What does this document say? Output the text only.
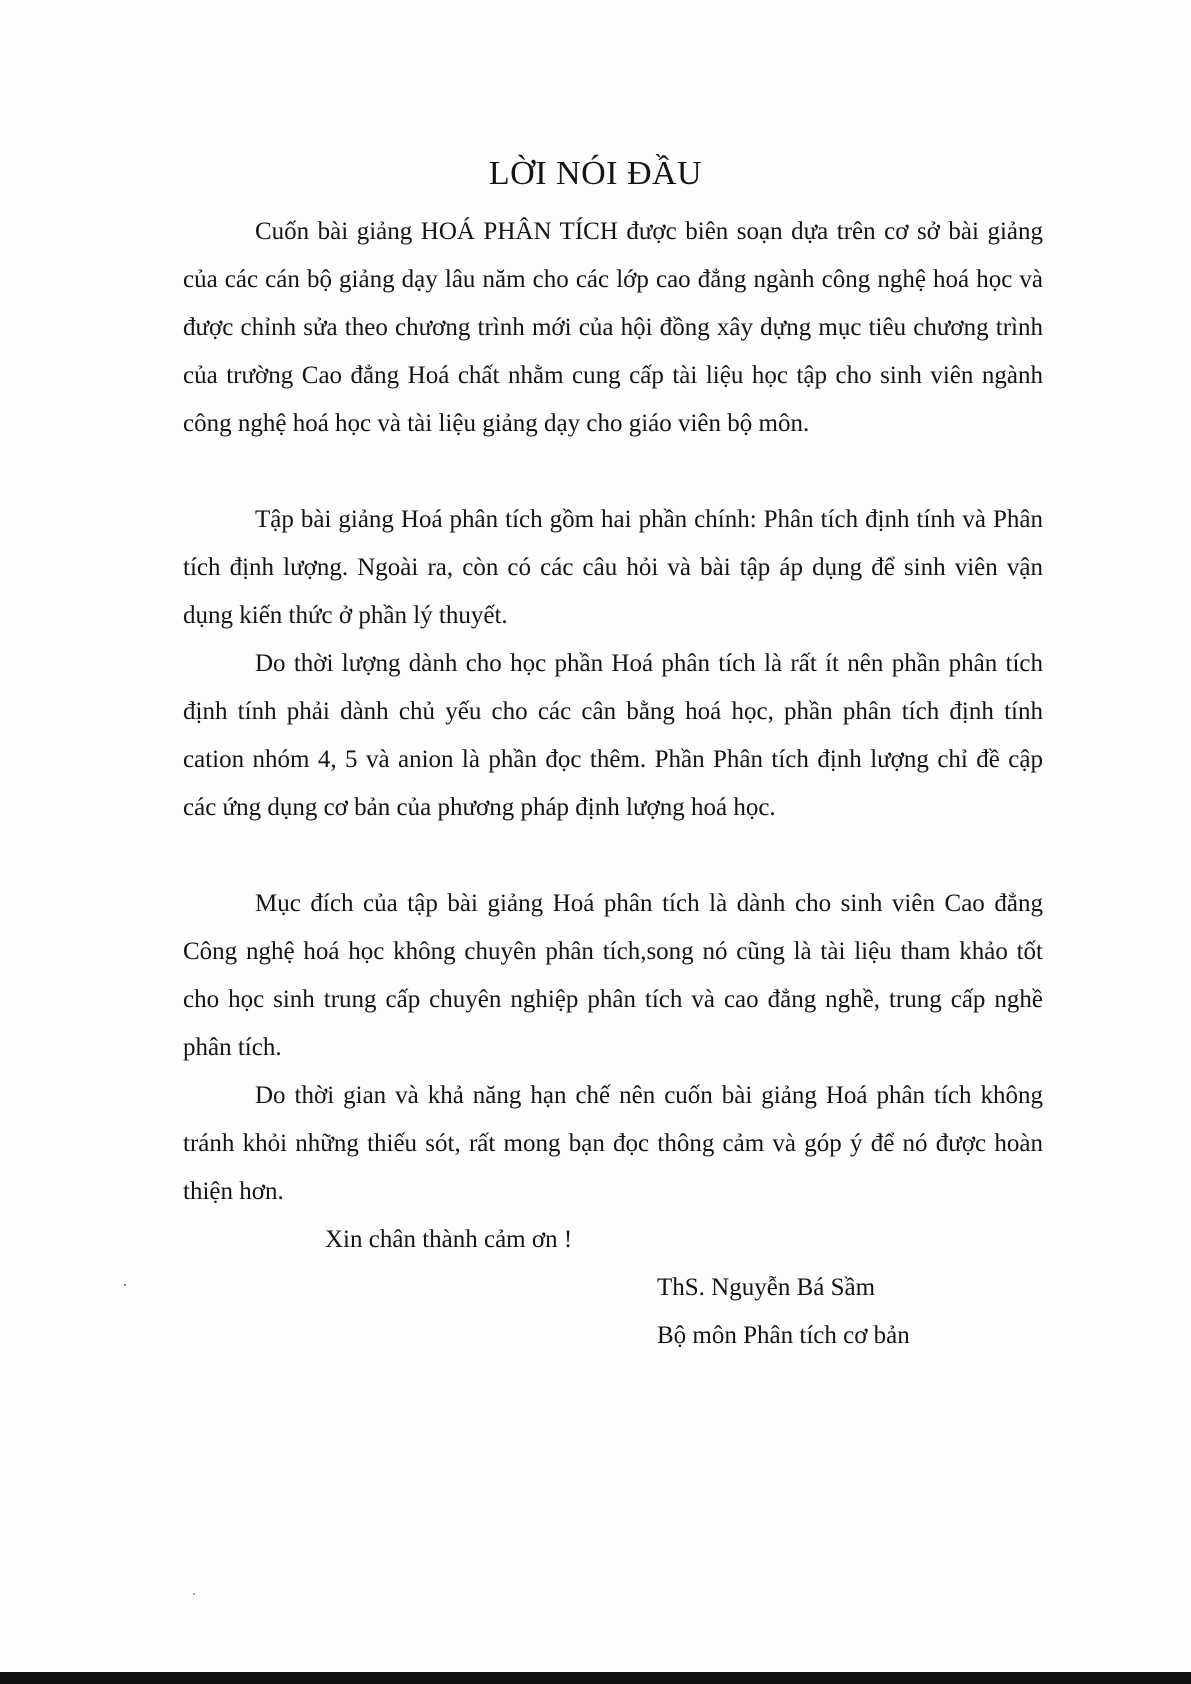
LỜI NÓI ĐẦU

Cuốn bài giảng HOÁ PHÂN TÍCH được biên soạn dựa trên cơ sở bài giảng của các cán bộ giảng dạy lâu năm cho các lớp cao đẳng ngành công nghệ hoá học và được chỉnh sửa theo chương trình mới của hội đồng xây dựng mục tiêu chương trình của trường Cao đẳng Hoá chất nhằm cung cấp tài liệu học tập cho sinh viên ngành công nghệ hoá học và tài liệu giảng dạy cho giáo viên bộ môn.

Tập bài giảng Hoá phân tích gồm hai phần chính: Phân tích định tính và Phân tích định lượng. Ngoài ra, còn có các câu hỏi và bài tập áp dụng để sinh viên vận dụng kiến thức ở phần lý thuyết.

Do thời lượng dành cho học phần Hoá phân tích là rất ít nên phần phân tích định tính phải dành chủ yếu cho các cân bằng hoá học, phần phân tích định tính cation nhóm 4, 5 và anion là phần đọc thêm. Phần Phân tích định lượng chỉ đề cập các ứng dụng cơ bản của phương pháp định lượng hoá học.

Mục đích của tập bài giảng Hoá phân tích là dành cho sinh viên Cao đẳng Công nghệ hoá học không chuyên phân tích,song nó cũng là tài liệu tham khảo tốt cho học sinh trung cấp chuyên nghiệp phân tích và cao đẳng nghề, trung cấp nghề phân tích.

Do thời gian và khả năng hạn chế nên cuốn bài giảng Hoá phân tích không tránh khỏi những thiếu sót, rất mong bạn đọc thông cảm và góp ý để nó được hoàn thiện hơn.

Xin chân thành cảm ơn !
ThS. Nguyễn Bá Sầm
Bộ môn Phân tích cơ bản
